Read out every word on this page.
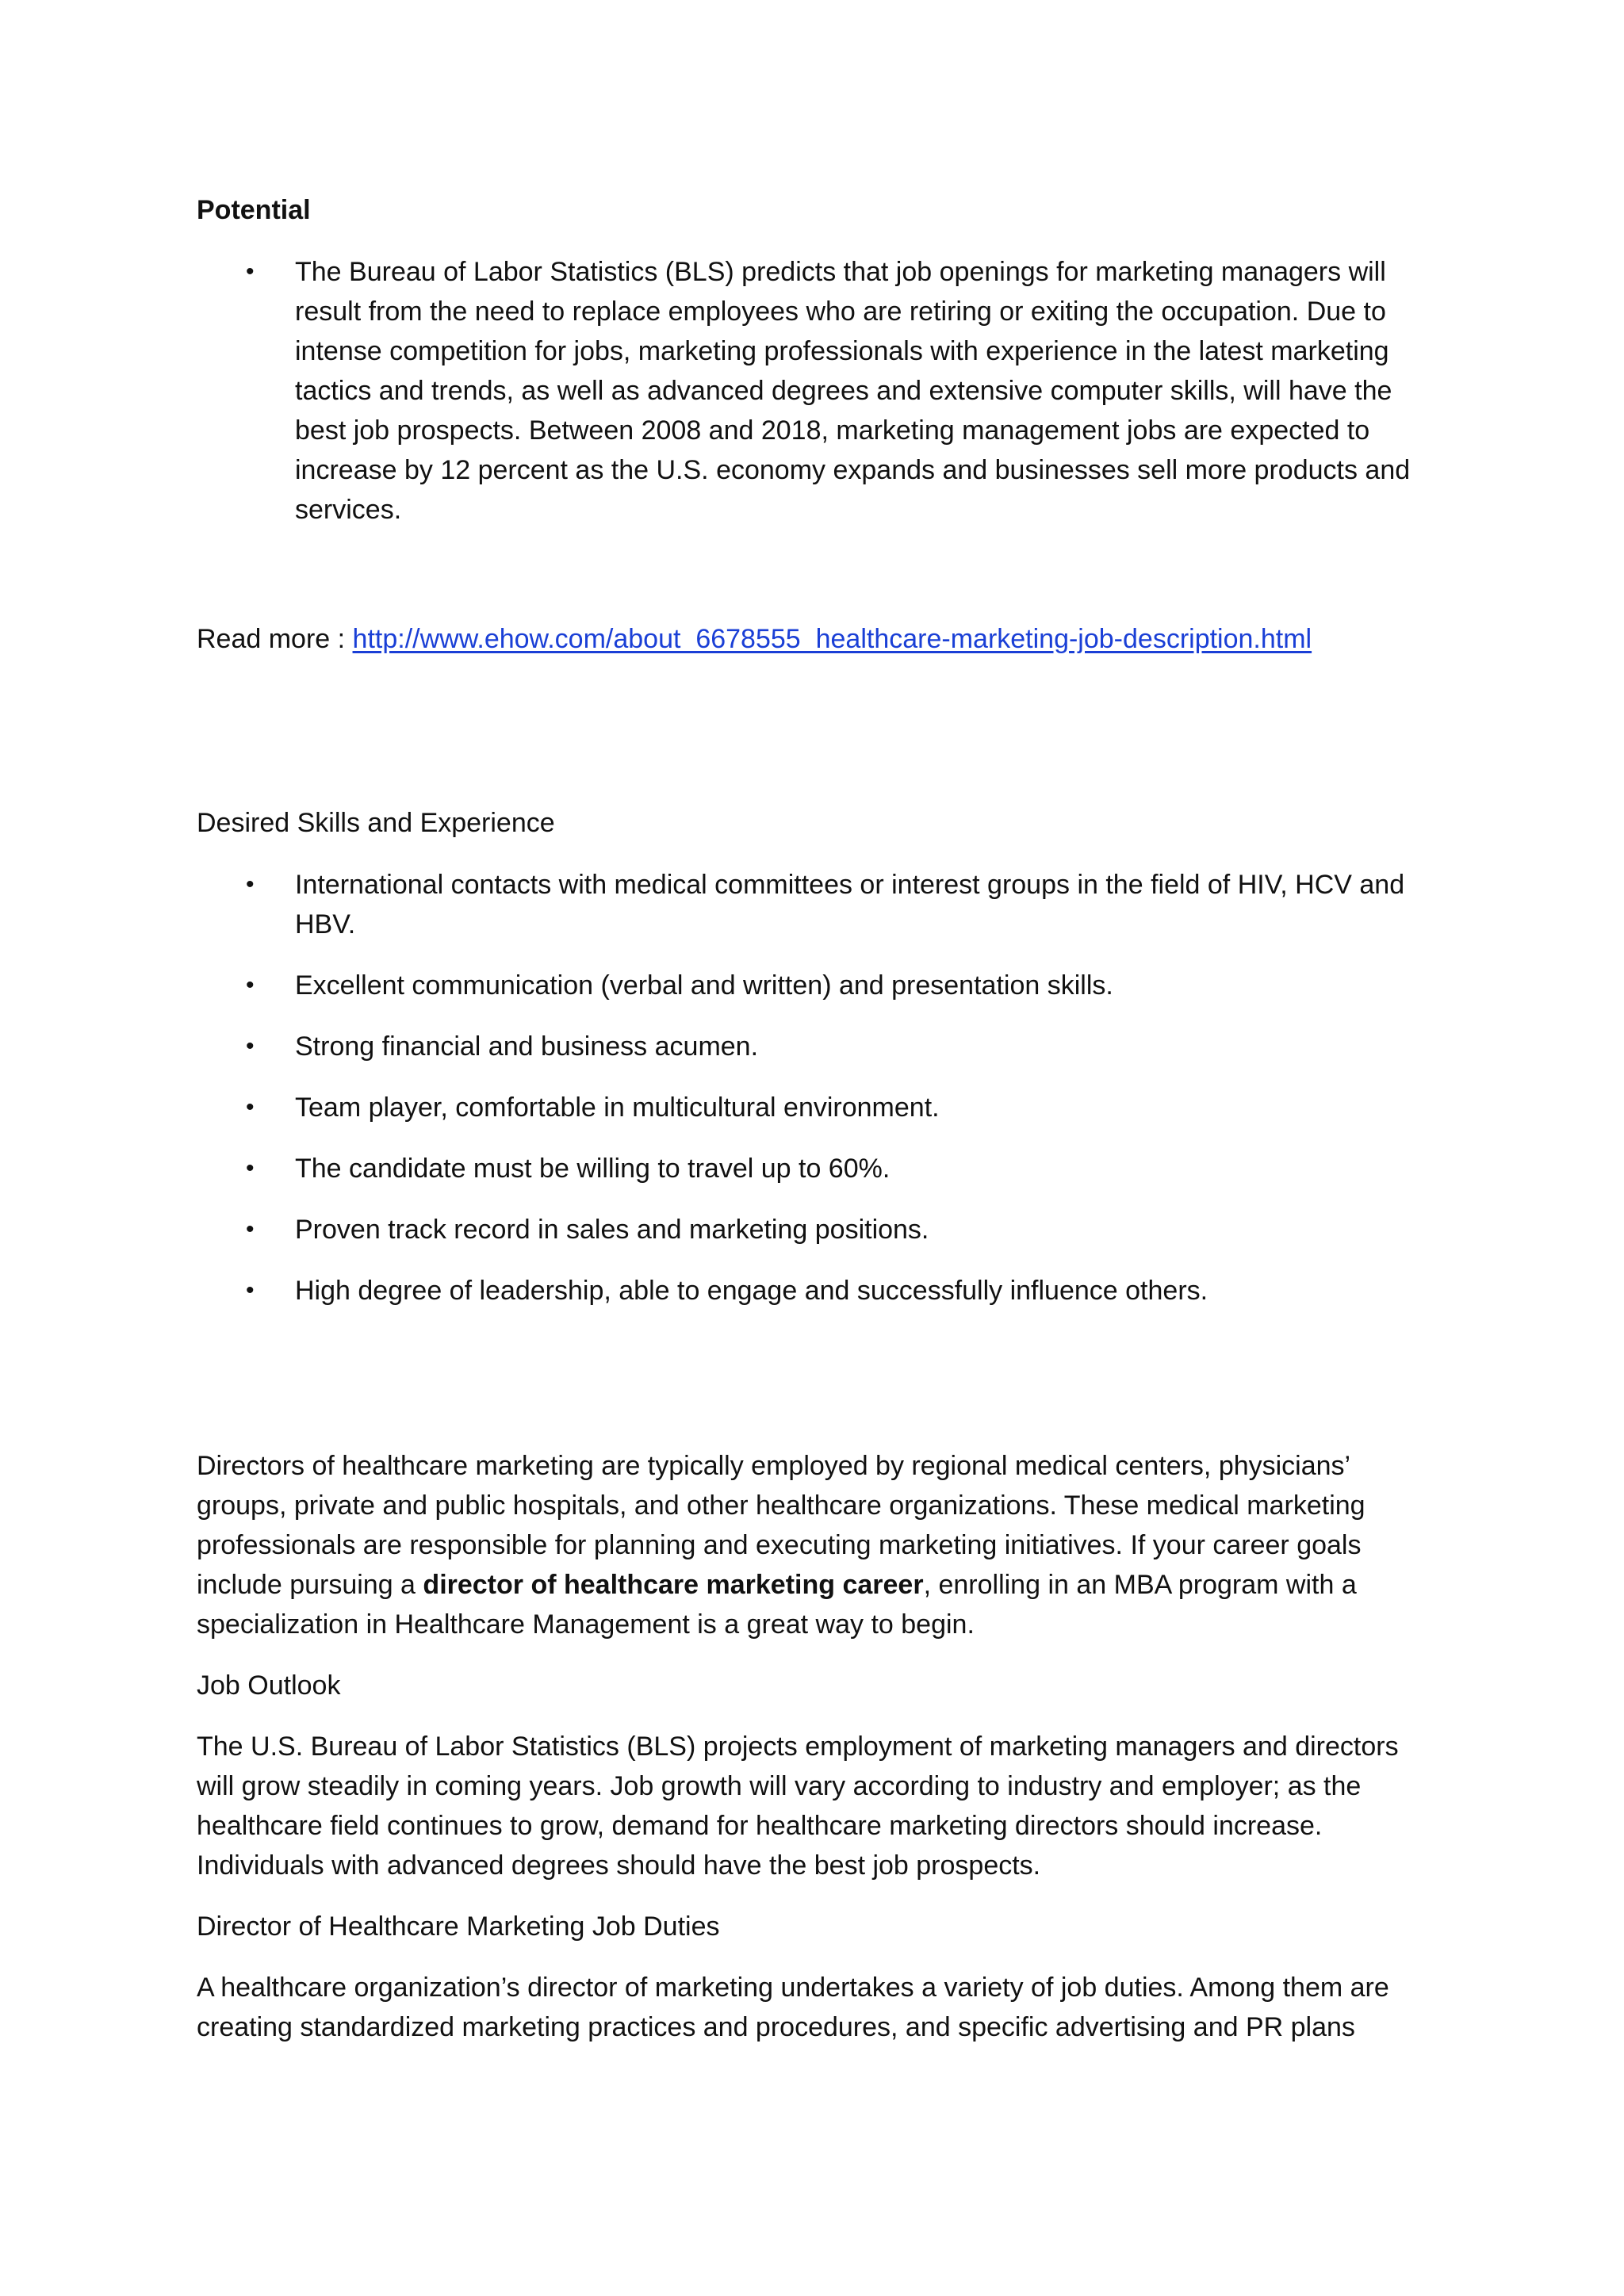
Potential
• The Bureau of Labor Statistics (BLS) predicts that job openings for marketing managers will result from the need to replace employees who are retiring or exiting the occupation. Due to intense competition for jobs, marketing professionals with experience in the latest marketing tactics and trends, as well as advanced degrees and extensive computer skills, will have the best job prospects. Between 2008 and 2018, marketing management jobs are expected to increase by 12 percent as the U.S. economy expands and businesses sell more products and services.

Read more : http://www.ehow.com/about_6678555_healthcare-marketing-job-description.html

Desired Skills and Experience
• International contacts with medical committees or interest groups in the field of HIV, HCV and HBV.
• Excellent communication (verbal and written) and presentation skills.
• Strong financial and business acumen.
• Team player, comfortable in multicultural environment.
• The candidate must be willing to travel up to 60%.
• Proven track record in sales and marketing positions.
• High degree of leadership, able to engage and successfully influence others.

Directors of healthcare marketing are typically employed by regional medical centers, physicians’ groups, private and public hospitals, and other healthcare organizations. These medical marketing professionals are responsible for planning and executing marketing initiatives. If your career goals include pursuing a director of healthcare marketing career, enrolling in an MBA program with a specialization in Healthcare Management is a great way to begin.

Job Outlook

The U.S. Bureau of Labor Statistics (BLS) projects employment of marketing managers and directors will grow steadily in coming years. Job growth will vary according to industry and employer; as the healthcare field continues to grow, demand for healthcare marketing directors should increase. Individuals with advanced degrees should have the best job prospects.

Director of Healthcare Marketing Job Duties

A healthcare organization’s director of marketing undertakes a variety of job duties. Among them are creating standardized marketing practices and procedures, and specific advertising and PR plans
